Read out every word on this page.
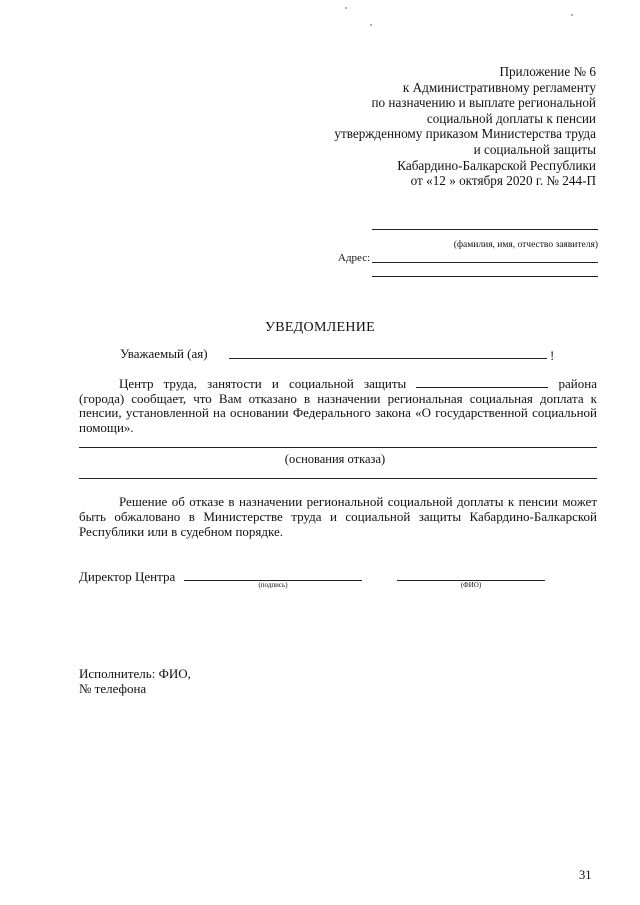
Приложение № 6
к Административному регламенту
по назначению и выплате региональной
социальной доплаты к пенсии
утвержденному приказом Министерства труда
и социальной защиты
Кабардино-Балкарской Республики
от «12 » октября 2020 г. № 244-П
(фамилия, имя, отчество заявителя)
Адрес:
УВЕДОМЛЕНИЕ
Уважаемый (ая)	!
Центр труда, занятости и социальной защиты	района (города) сообщает, что Вам отказано в назначении региональная социальная доплата к пенсии, установленной на основании Федерального закона «О государственной социальной помощи».
(основания отказа)
Решение об отказе в назначении региональной социальной доплаты к пенсии может быть обжаловано в Министерстве труда и социальной защиты Кабардино-Балкарской Республики или в судебном порядке.
Директор Центра
(подпись)	(ФИО)
Исполнитель: ФИО,
№ телефона
31
